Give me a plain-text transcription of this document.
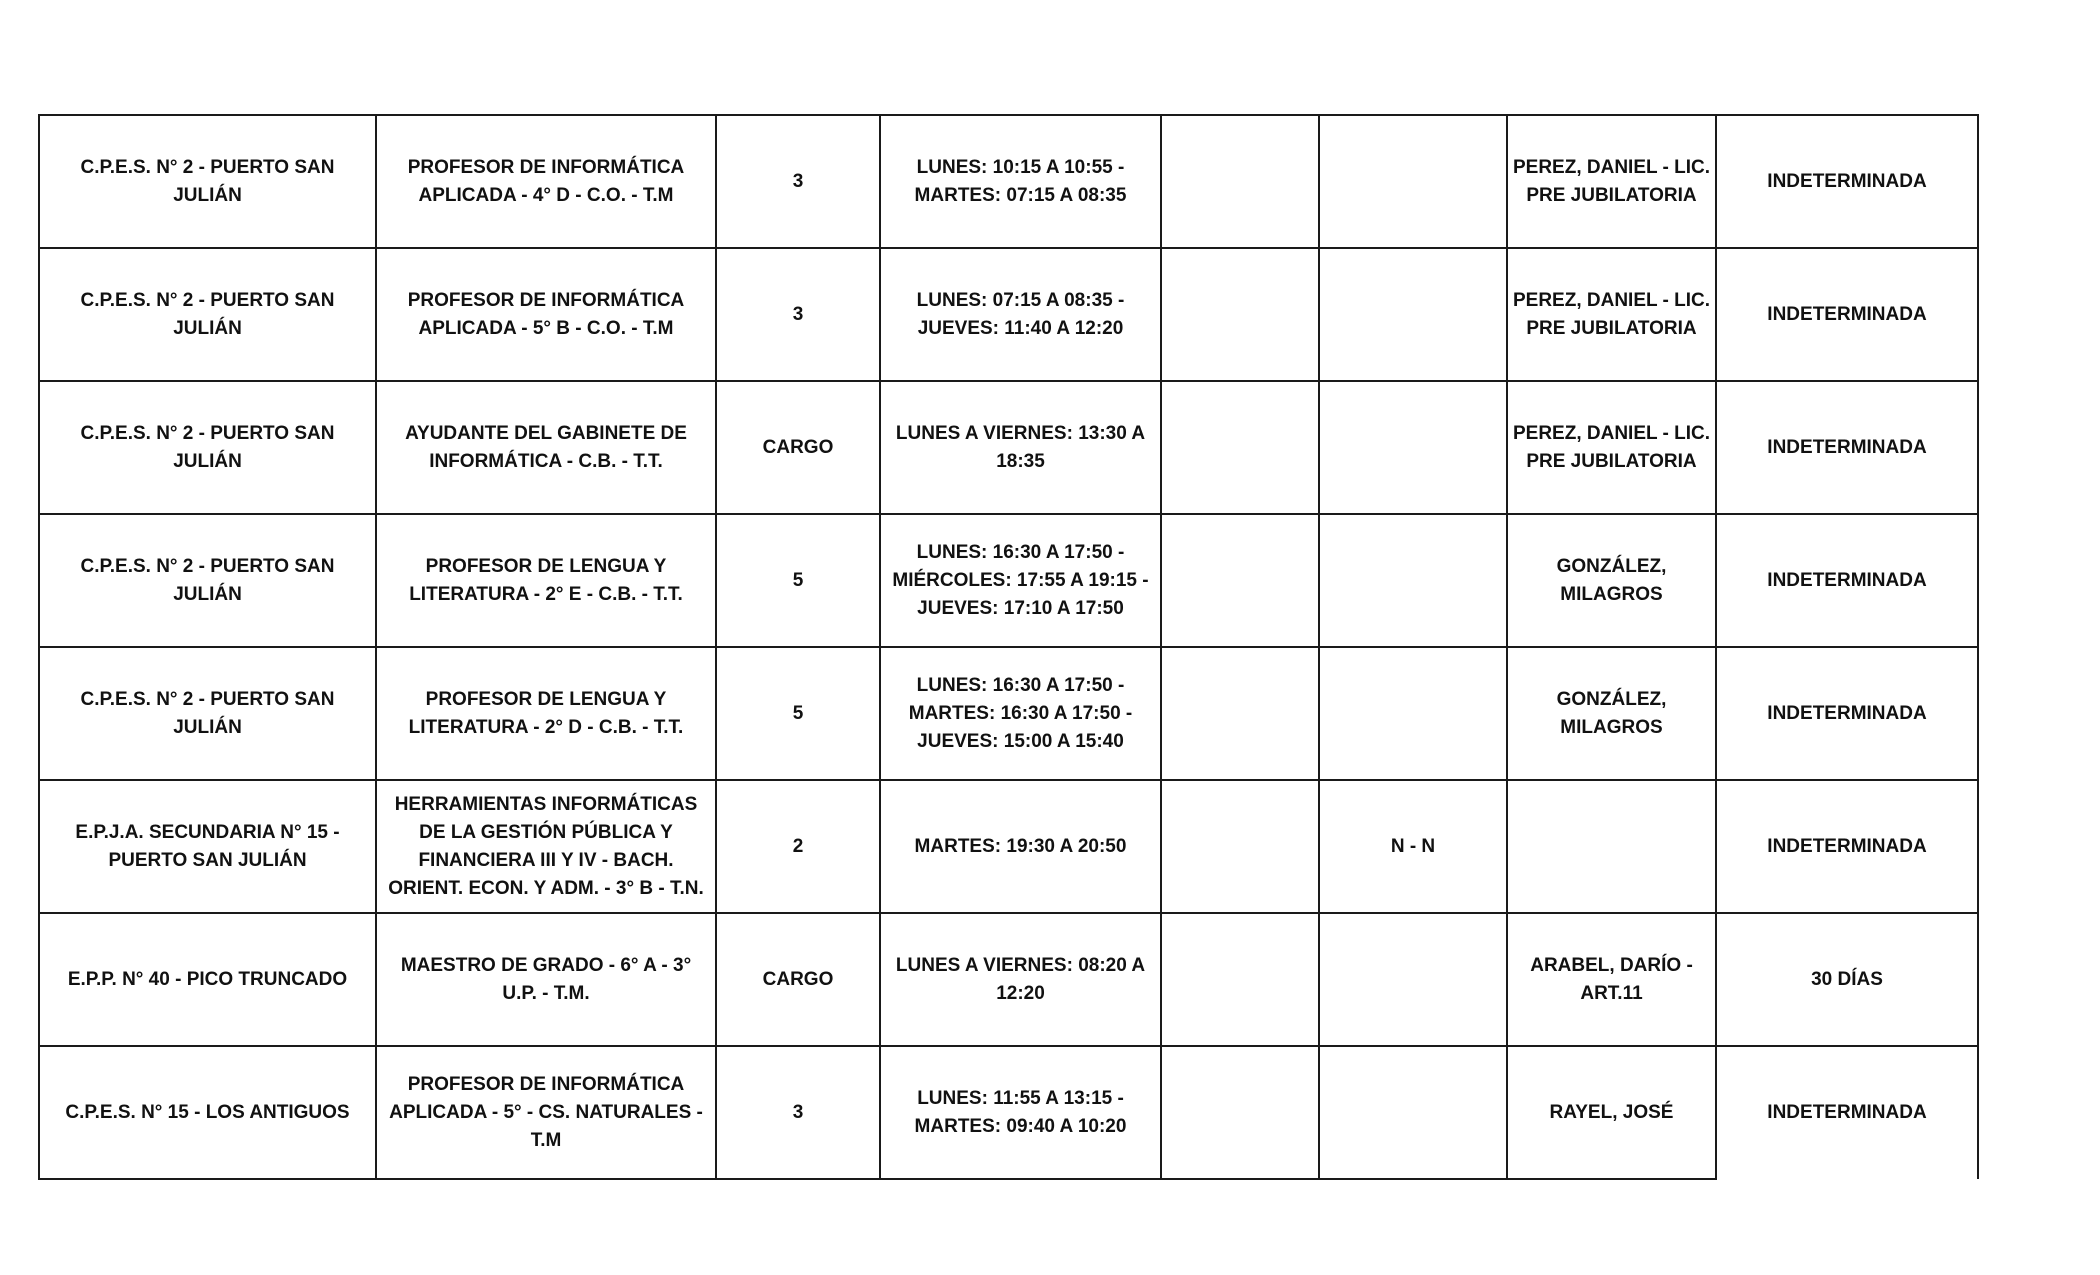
C.P.E.S. N° 2 - PUERTO SAN JULIÁN	PROFESOR DE INFORMÁTICA APLICADA - 4° D - C.O. - T.M	3	LUNES: 10:15 A 10:55 - MARTES: 07:15 A 08:35			PEREZ, DANIEL - LIC. PRE JUBILATORIA	INDETERMINADA
C.P.E.S. N° 2 - PUERTO SAN JULIÁN	PROFESOR DE INFORMÁTICA APLICADA - 5° B - C.O. - T.M	3	LUNES: 07:15 A 08:35 - JUEVES: 11:40 A 12:20			PEREZ, DANIEL - LIC. PRE JUBILATORIA	INDETERMINADA
C.P.E.S. N° 2 - PUERTO SAN JULIÁN	AYUDANTE DEL GABINETE DE INFORMÁTICA - C.B. - T.T.	CARGO	LUNES A VIERNES: 13:30 A 18:35			PEREZ, DANIEL - LIC. PRE JUBILATORIA	INDETERMINADA
C.P.E.S. N° 2 - PUERTO SAN JULIÁN	PROFESOR DE LENGUA Y LITERATURA - 2° E - C.B. - T.T.	5	LUNES: 16:30 A 17:50 - MIÉRCOLES: 17:55 A 19:15 - JUEVES: 17:10 A 17:50			GONZÁLEZ, MILAGROS	INDETERMINADA
C.P.E.S. N° 2 - PUERTO SAN JULIÁN	PROFESOR DE LENGUA Y LITERATURA - 2° D - C.B. - T.T.	5	LUNES: 16:30 A 17:50 - MARTES: 16:30 A 17:50 - JUEVES: 15:00 A 15:40			GONZÁLEZ, MILAGROS	INDETERMINADA
E.P.J.A. SECUNDARIA N° 15 - PUERTO SAN JULIÁN	HERRAMIENTAS INFORMÁTICAS DE LA GESTIÓN PÚBLICA Y FINANCIERA III Y IV - BACH. ORIENT. ECON. Y ADM. - 3° B - T.N.	2	MARTES: 19:30 A 20:50		N - N		INDETERMINADA
E.P.P. N° 40 - PICO TRUNCADO	MAESTRO DE GRADO - 6° A - 3° U.P. - T.M.	CARGO	LUNES A VIERNES: 08:20 A 12:20			ARABEL, DARÍO - ART.11	30 DÍAS
C.P.E.S. N° 15 - LOS ANTIGUOS	PROFESOR DE INFORMÁTICA APLICADA - 5° - CS. NATURALES - T.M	3	LUNES: 11:55 A 13:15 - MARTES: 09:40 A 10:20			RAYEL, JOSÉ	INDETERMINADA
